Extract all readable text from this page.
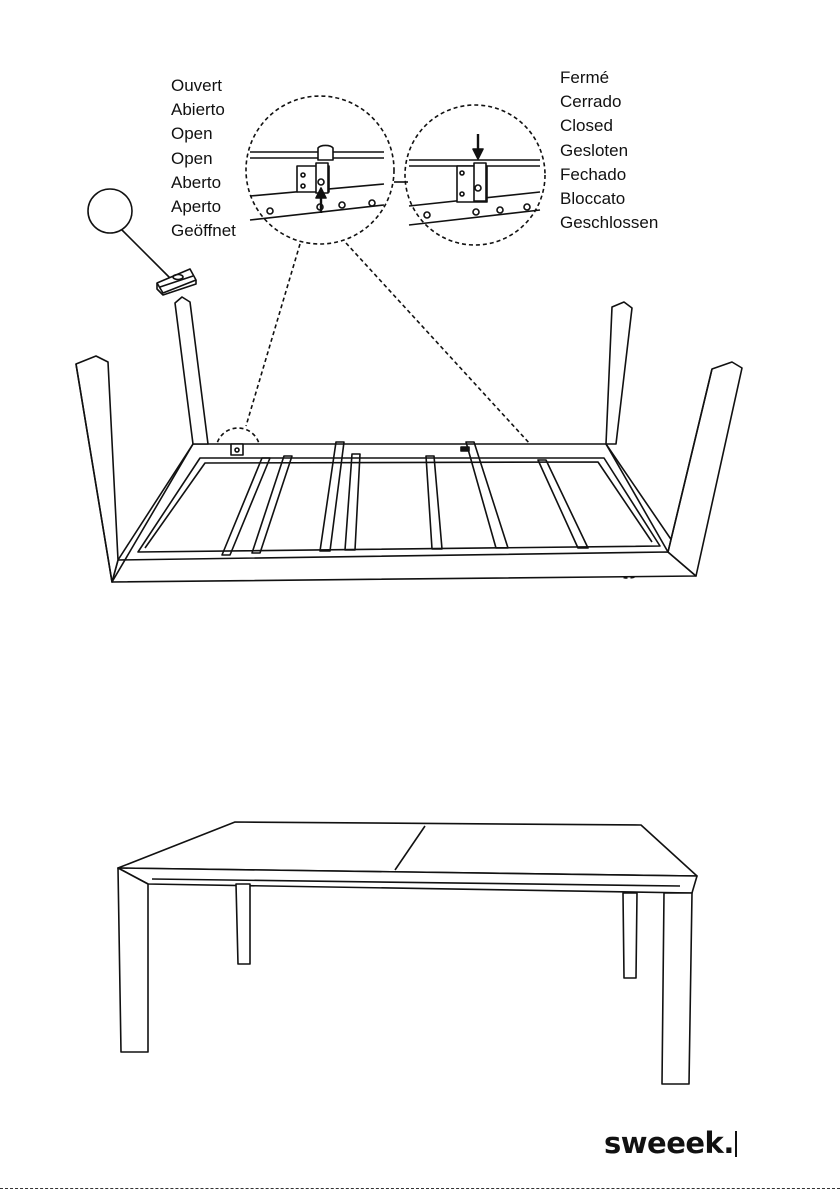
Ouvert
Abierto
Open
Open
Aberto
Aperto
Geöffnet
Fermé
Cerrado
Closed
Gesloten
Fechado
Bloccato
Geschlossen
sweeek.
